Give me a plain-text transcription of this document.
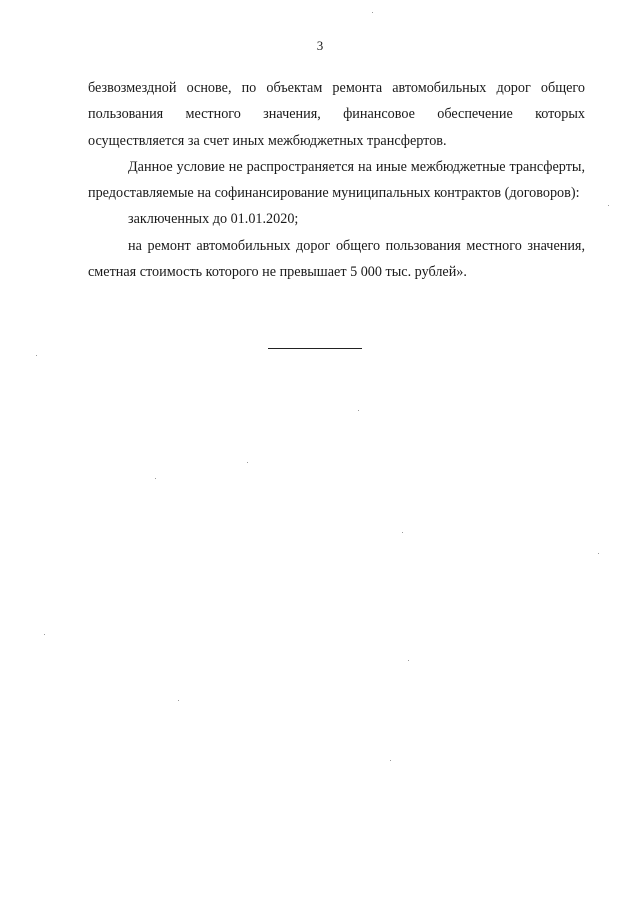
3

безвозмездной основе, по объектам ремонта автомобильных дорог общего пользования местного значения, финансовое обеспечение которых осуществляется за счет иных межбюджетных трансфертов.

Данное условие не распространяется на иные межбюджетные трансферты, предоставляемые на софинансирование муниципальных контрактов (договоров):

заключенных до 01.01.2020;

на ремонт автомобильных дорог общего пользования местного значения, сметная стоимость которого не превышает 5 000 тыс. рублей».
